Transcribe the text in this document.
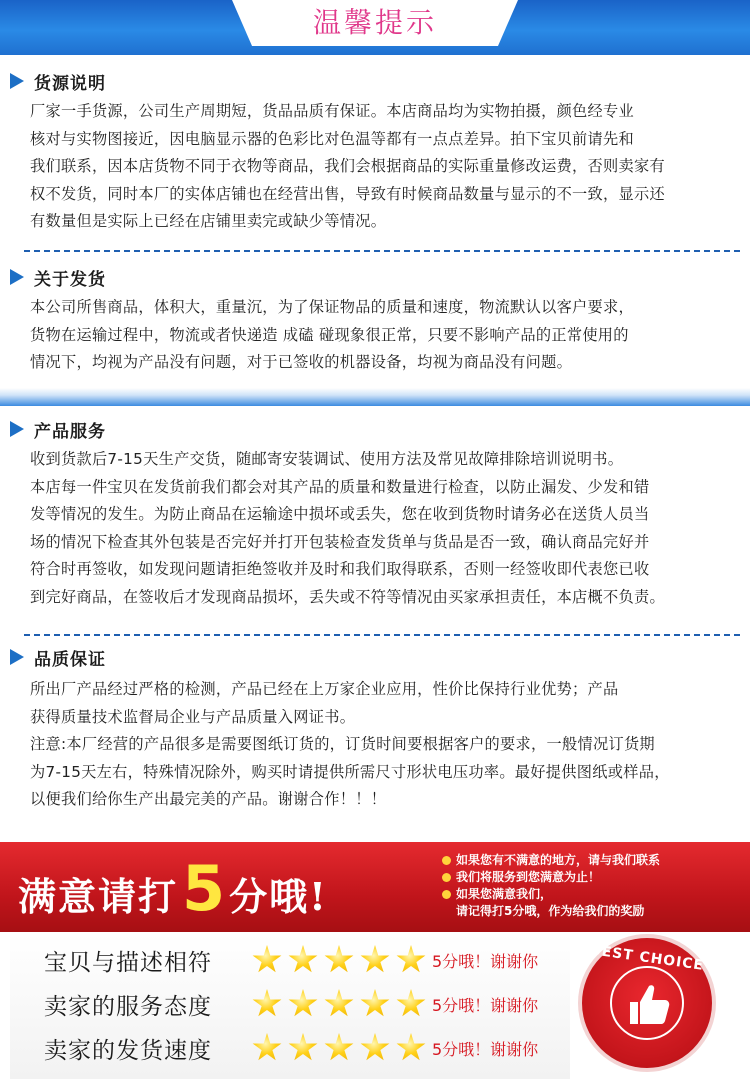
温馨提示
货源说明
厂家一手货源，公司生产周期短，货品品质有保证。本店商品均为实物拍摄，颜色经专业
核对与实物图接近，因电脑显示器的色彩比对色温等都有一点点差异。拍下宝贝前请先和
我们联系，因本店货物不同于衣物等商品，我们会根据商品的实际重量修改运费，否则卖家有
权不发货，同时本厂的实体店铺也在经营出售，导致有时候商品数量与显示的不一致，显示还
有数量但是实际上已经在店铺里卖完或缺少等情况。
关于发货
本公司所售商品，体积大，重量沉，为了保证物品的质量和速度，物流默认以客户要求，
货物在运输过程中，物流或者快递造 成磕 碰现象很正常，只要不影响产品的正常使用的
情况下，均视为产品没有问题，对于已签收的机器设备，均视为商品没有问题。
产品服务
收到货款后7-15天生产交货，随邮寄安装调试、使用方法及常见故障排除培训说明书。
本店每一件宝贝在发货前我们都会对其产品的质量和数量进行检查，以防止漏发、少发和错
发等情况的发生。为防止商品在运输途中损坏或丢失，您在收到货物时请务必在送货人员当
场的情况下检查其外包装是否完好并打开包装检查发货单与货品是否一致，确认商品完好并
符合时再签收，如发现问题请拒绝签收并及时和我们取得联系，否则一经签收即代表您已收
到完好商品，在签收后才发现商品损坏，丢失或不符等情况由买家承担责任，本店概不负责。
品质保证
所出厂产品经过严格的检测，产品已经在上万家企业应用，性价比保持行业优势；产品
获得质量技术监督局企业与产品质量入网证书。
注意:本厂经营的产品很多是需要图纸订货的，订货时间要根据客户的要求，一般情况订货期
为7-15天左右，特殊情况除外，购买时请提供所需尺寸形状电压功率。最好提供图纸或样品，
以便我们给你生产出最完美的产品。谢谢合作！！！
满意请打 5 分哦!
如果您有不满意的地方，请与我们联系
我们将服务到您满意为止！
如果您满意我们，
请记得打5分哦，作为给我们的奖励
宝贝与描述相符	5分哦！谢谢你
卖家的服务态度	5分哦！谢谢你
卖家的发货速度	5分哦！谢谢你
BEST CHOICE
